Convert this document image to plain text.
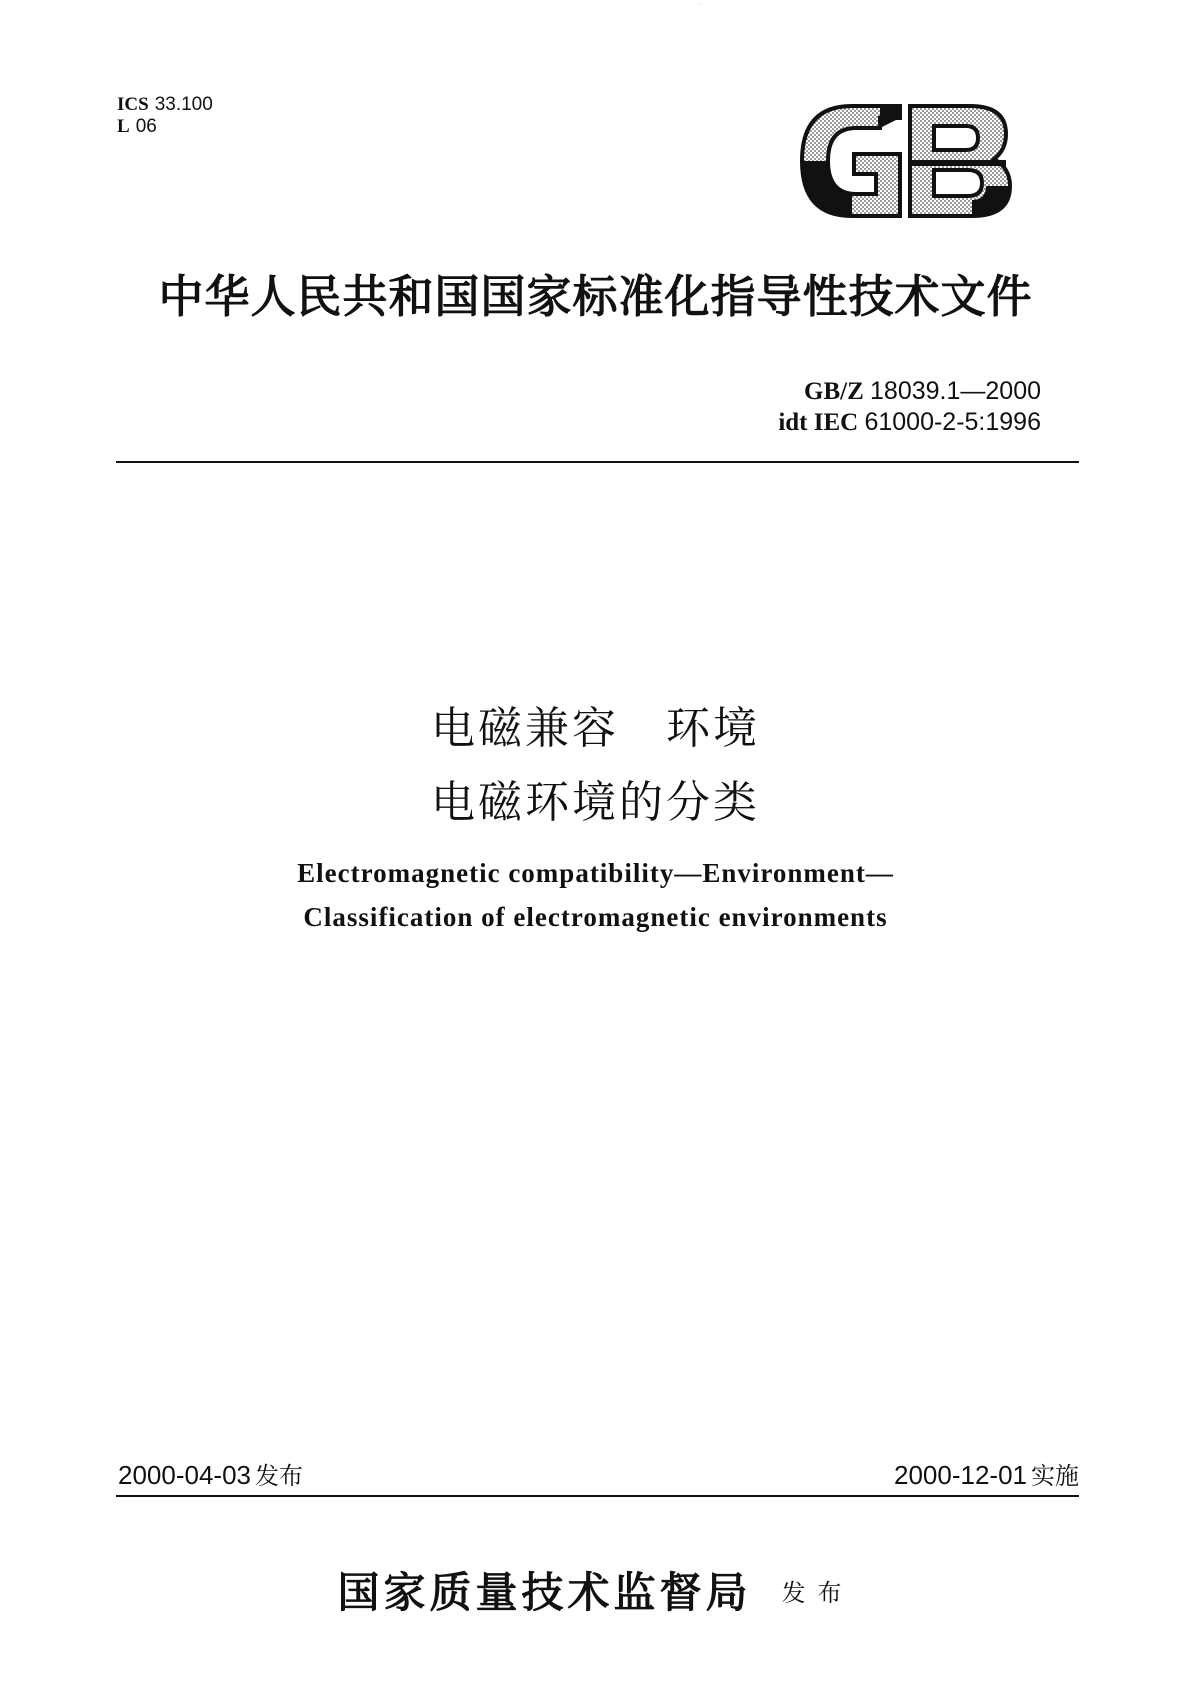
ICS 33.100
L 06
GB
中华人民共和国国家标准化指导性技术文件
GB/Z 18039.1—2000
idt IEC 61000-2-5:1996
电磁兼容　环境
电磁环境的分类
Electromagnetic compatibility—Environment—
Classification of electromagnetic environments
2000-04-03 发布	2000-12-01 实施
国家质量技术监督局 发布
